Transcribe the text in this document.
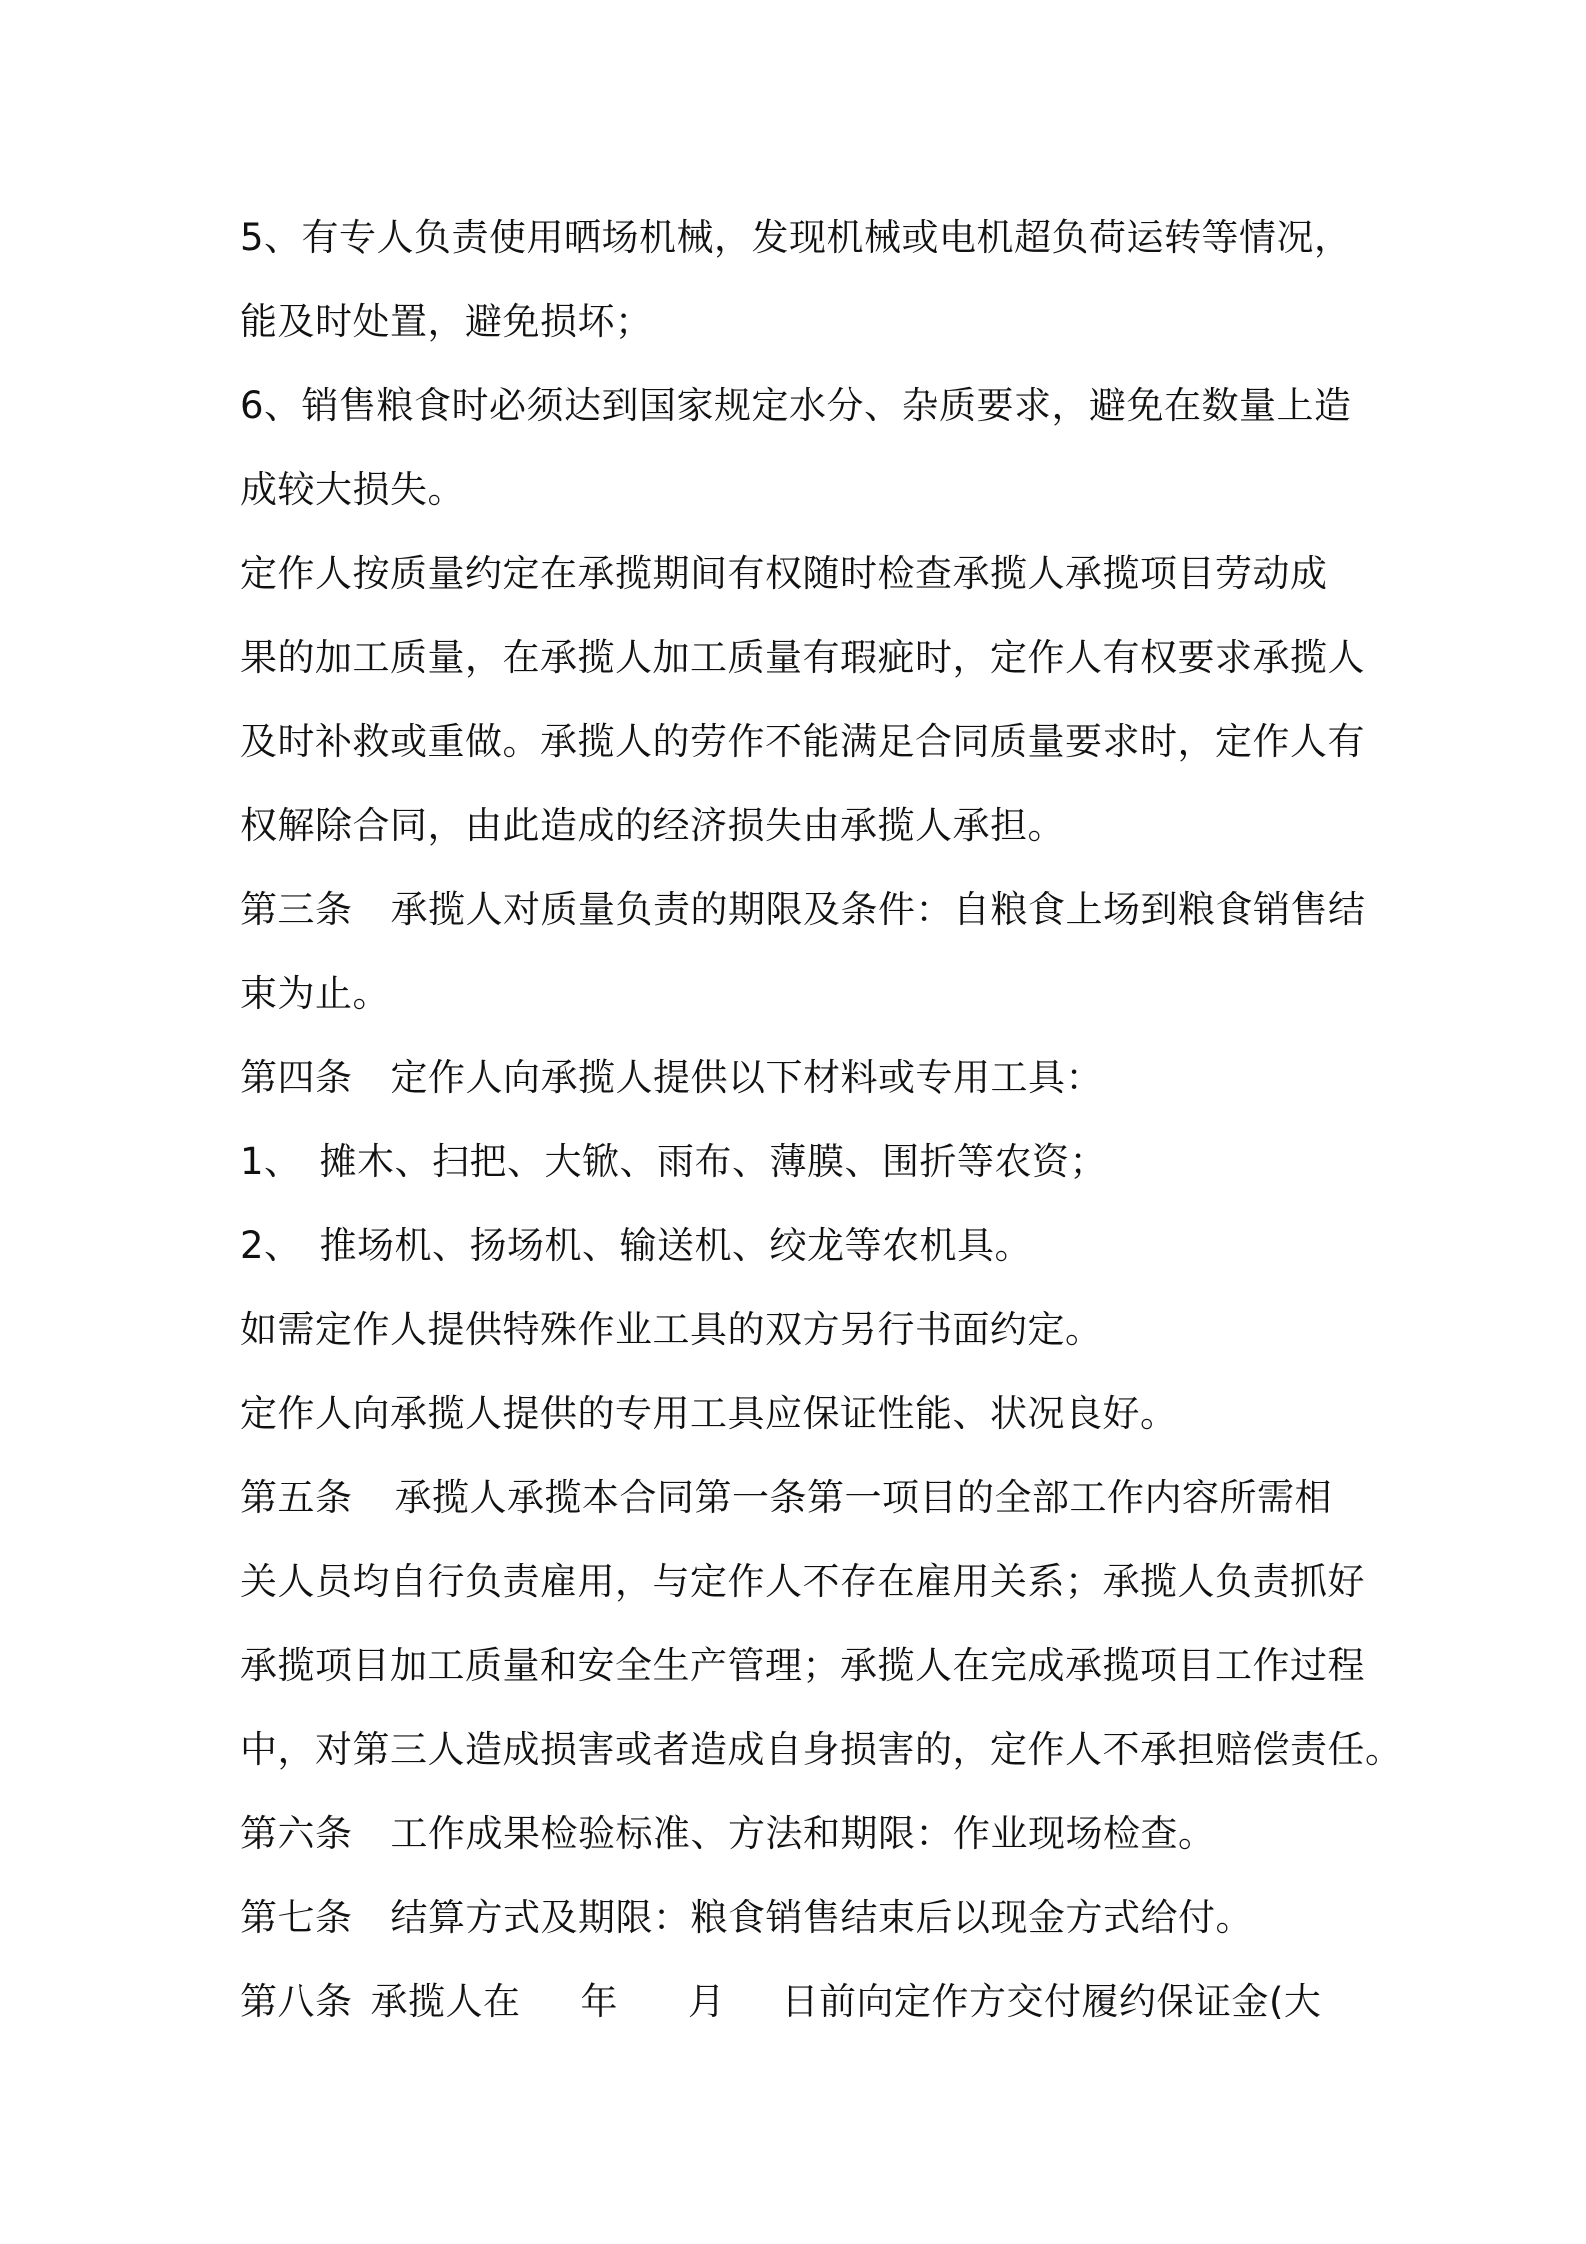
5、有专人负责使用晒场机械，发现机械或电机超负荷运转等情况，
能及时处置，避免损坏；
6、销售粮食时必须达到国家规定水分、杂质要求，避免在数量上造
成较大损失。
定作人按质量约定在承揽期间有权随时检查承揽人承揽项目劳动成
果的加工质量，在承揽人加工质量有瑕疵时，定作人有权要求承揽人
及时补救或重做。承揽人的劳作不能满足合同质量要求时，定作人有
权解除合同，由此造成的经济损失由承揽人承担。
第三条 承揽人对质量负责的期限及条件：自粮食上场到粮食销售结
束为止。
第四条 定作人向承揽人提供以下材料或专用工具：
1、 摊木、扫把、大锨、雨布、薄膜、围折等农资；
2、 推场机、扬场机、输送机、绞龙等农机具。
如需定作人提供特殊作业工具的双方另行书面约定。
定作人向承揽人提供的专用工具应保证性能、状况良好。
第五条 承揽人承揽本合同第一条第一项目的全部工作内容所需相
关人员均自行负责雇用，与定作人不存在雇用关系；承揽人负责抓好
承揽项目加工质量和安全生产管理；承揽人在完成承揽项目工作过程
中，对第三人造成损害或者造成自身损害的，定作人不承担赔偿责任。
第六条 工作成果检验标准、方法和期限：作业现场检查。
第七条 结算方式及期限：粮食销售结束后以现金方式给付。
第八条 承揽人在 年 月 日前向定作方交付履约保证金(大
